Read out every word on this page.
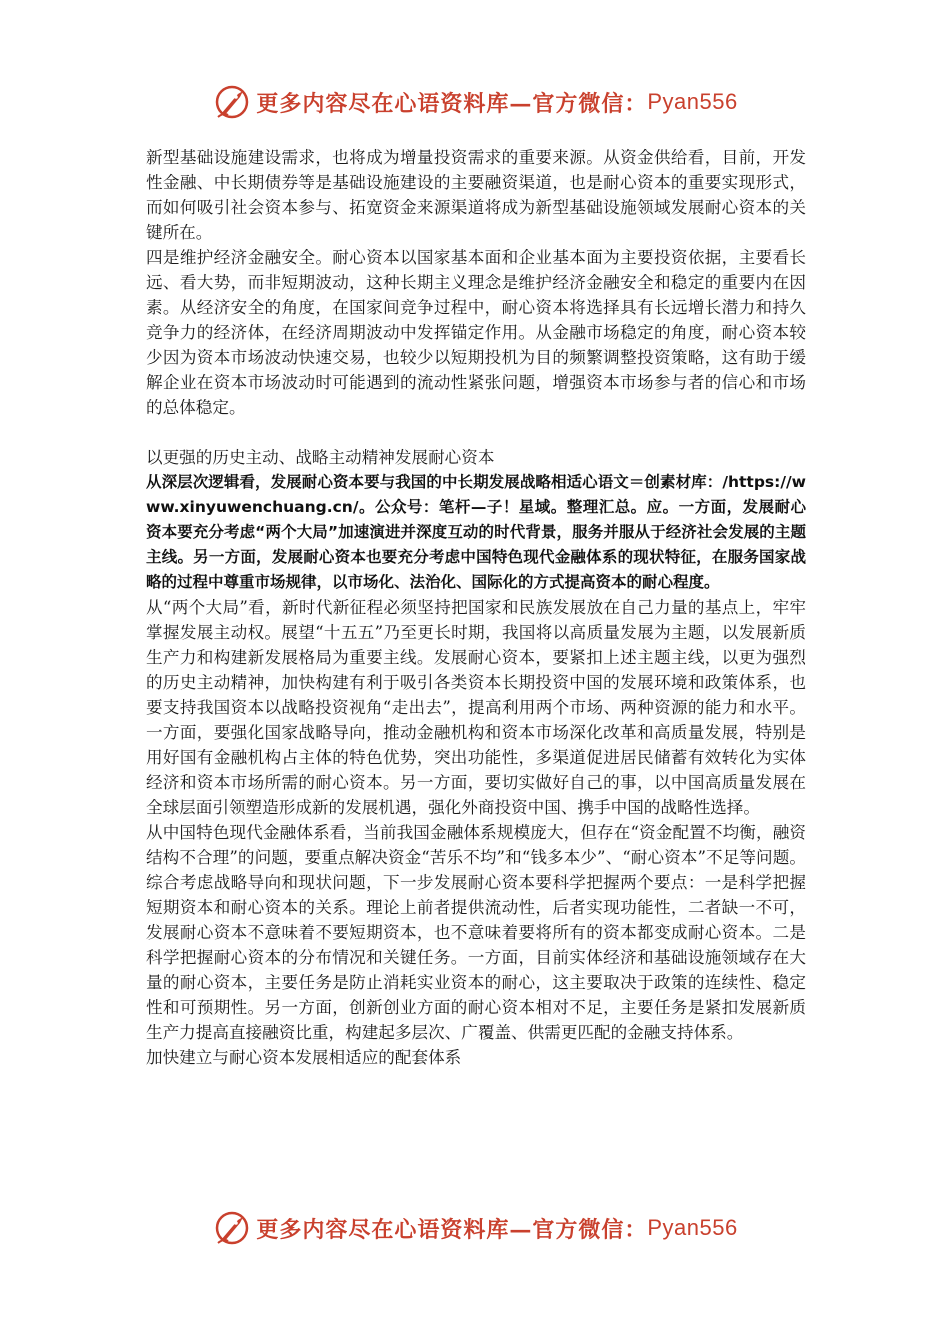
更多内容尽在心语资料库—官方微信： Pyan556

新型基础设施建设需求，也将成为增量投资需求的重要来源。从资金供给看，目前，开发性金融、中长期债券等是基础设施建设的主要融资渠道，也是耐心资本的重要实现形式，而如何吸引社会资本参与、拓宽资金来源渠道将成为新型基础设施领域发展耐心资本的关键所在。

四是维护经济金融安全。耐心资本以国家基本面和企业基本面为主要投资依据，主要看长远、看大势，而非短期波动，这种长期主义理念是维护经济金融安全和稳定的重要内在因素。从经济安全的角度，在国家间竞争过程中，耐心资本将选择具有长远增长潜力和持久竞争力的经济体，在经济周期波动中发挥锚定作用。从金融市场稳定的角度，耐心资本较少因为资本市场波动快速交易，也较少以短期投机为目的频繁调整投资策略，这有助于缓解企业在资本市场波动时可能遇到的流动性紧张问题，增强资本市场参与者的信心和市场的总体稳定。

以更强的历史主动、战略主动精神发展耐心资本

从深层次逻辑看，发展耐心资本要与我国的中长期发展战略相适心语文＝创素材库：/https://www.xinyuwenchuang.cn/。公众号：笔杆—子！星域。整理汇总。应。一方面，发展耐心资本要充分考虑“两个大局”加速演进并深度互动的时代背景，服务并服从于经济社会发展的主题主线。另一方面，发展耐心资本也要充分考虑中国特色现代金融体系的现状特征，在服务国家战略的过程中尊重市场规律，以市场化、法治化、国际化的方式提高资本的耐心程度。

从“两个大局”看，新时代新征程必须坚持把国家和民族发展放在自己力量的基点上，牢牢掌握发展主动权。展望“十五五”乃至更长时期，我国将以高质量发展为主题，以发展新质生产力和构建新发展格局为重要主线。发展耐心资本，要紧扣上述主题主线，以更为强烈的历史主动精神，加快构建有利于吸引各类资本长期投资中国的发展环境和政策体系，也要支持我国资本以战略投资视角“走出去”，提高利用两个市场、两种资源的能力和水平。一方面，要强化国家战略导向，推动金融机构和资本市场深化改革和高质量发展，特别是用好国有金融机构占主体的特色优势，突出功能性，多渠道促进居民储蓄有效转化为实体经济和资本市场所需的耐心资本。另一方面，要切实做好自己的事，以中国高质量发展在全球层面引领塑造形成新的发展机遇，强化外商投资中国、携手中国的战略性选择。

从中国特色现代金融体系看，当前我国金融体系规模庞大，但存在“资金配置不均衡，融资结构不合理”的问题，要重点解决资金“苦乐不均”和“钱多本少”、“耐心资本”不足等问题。综合考虑战略导向和现状问题，下一步发展耐心资本要科学把握两个要点：一是科学把握短期资本和耐心资本的关系。理论上前者提供流动性，后者实现功能性，二者缺一不可，发展耐心资本不意味着不要短期资本，也不意味着要将所有的资本都变成耐心资本。二是科学把握耐心资本的分布情况和关键任务。一方面，目前实体经济和基础设施领域存在大量的耐心资本，主要任务是防止消耗实业资本的耐心，这主要取决于政策的连续性、稳定性和可预期性。另一方面，创新创业方面的耐心资本相对不足，主要任务是紧扣发展新质生产力提高直接融资比重，构建起多层次、广覆盖、供需更匹配的金融支持体系。

加快建立与耐心资本发展相适应的配套体系

更多内容尽在心语资料库—官方微信： Pyan556
